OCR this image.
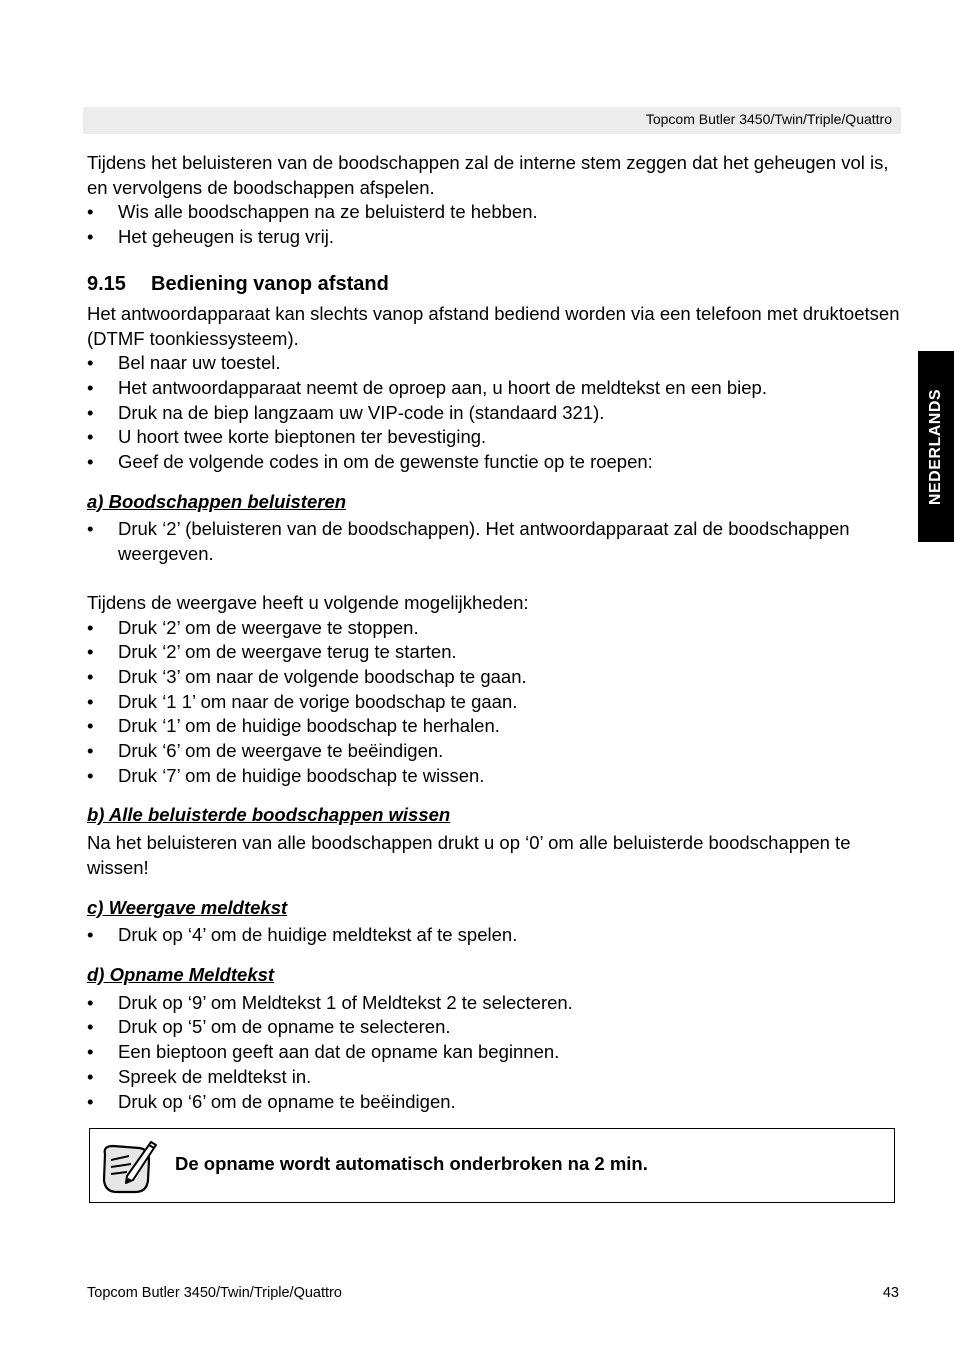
Topcom Butler 3450/Twin/Triple/Quattro
NEDERLANDS

Tijdens het beluisteren van de boodschappen zal de interne stem zeggen dat het geheugen vol is, en vervolgens de boodschappen afspelen.

• Wis alle boodschappen na ze beluisterd te hebben.
• Het geheugen is terug vrij.
9.15 Bediening vanop afstand

Het antwoordapparaat kan slechts vanop afstand bediend worden via een telefoon met druktoetsen (DTMF toonkiessysteem).

• Bel naar uw toestel.
• Het antwoordapparaat neemt de oproep aan, u hoort de meldtekst en een biep.
• Druk na de biep langzaam uw VIP-code in (standaard 321).
• U hoort twee korte bieptonen ter bevestiging.
• Geef de volgende codes in om de gewenste functie op te roepen:
a) Boodschappen beluisteren
• Druk ‘2’ (beluisteren van de boodschappen). Het antwoordapparaat zal de boodschappen weergeven.

Tijdens de weergave heeft u volgende mogelijkheden:

• Druk ‘2’ om de weergave te stoppen.
• Druk ‘2’ om de weergave terug te starten.
• Druk ‘3’ om naar de volgende boodschap te gaan.
• Druk ‘1 1’ om naar de vorige boodschap te gaan.
• Druk ‘1’ om de huidige boodschap te herhalen.
• Druk ‘6’ om de weergave te beëindigen.
• Druk ‘7’ om de huidige boodschap te wissen.
b) Alle beluisterde boodschappen wissen

Na het beluisteren van alle boodschappen drukt u op ‘0’ om alle beluisterde boodschappen te wissen!

c) Weergave meldtekst
• Druk op ‘4’ om de huidige meldtekst af te spelen.
d) Opname Meldtekst
• Druk op ‘9’ om Meldtekst 1 of Meldtekst 2 te selecteren.
• Druk op ‘5’ om de opname te selecteren.
• Een bieptoon geeft aan dat de opname kan beginnen.
• Spreek de meldtekst in.
• Druk op ‘6’ om de opname te beëindigen.
De opname wordt automatisch onderbroken na 2 min.
Topcom Butler 3450/Twin/Triple/Quattro	43
